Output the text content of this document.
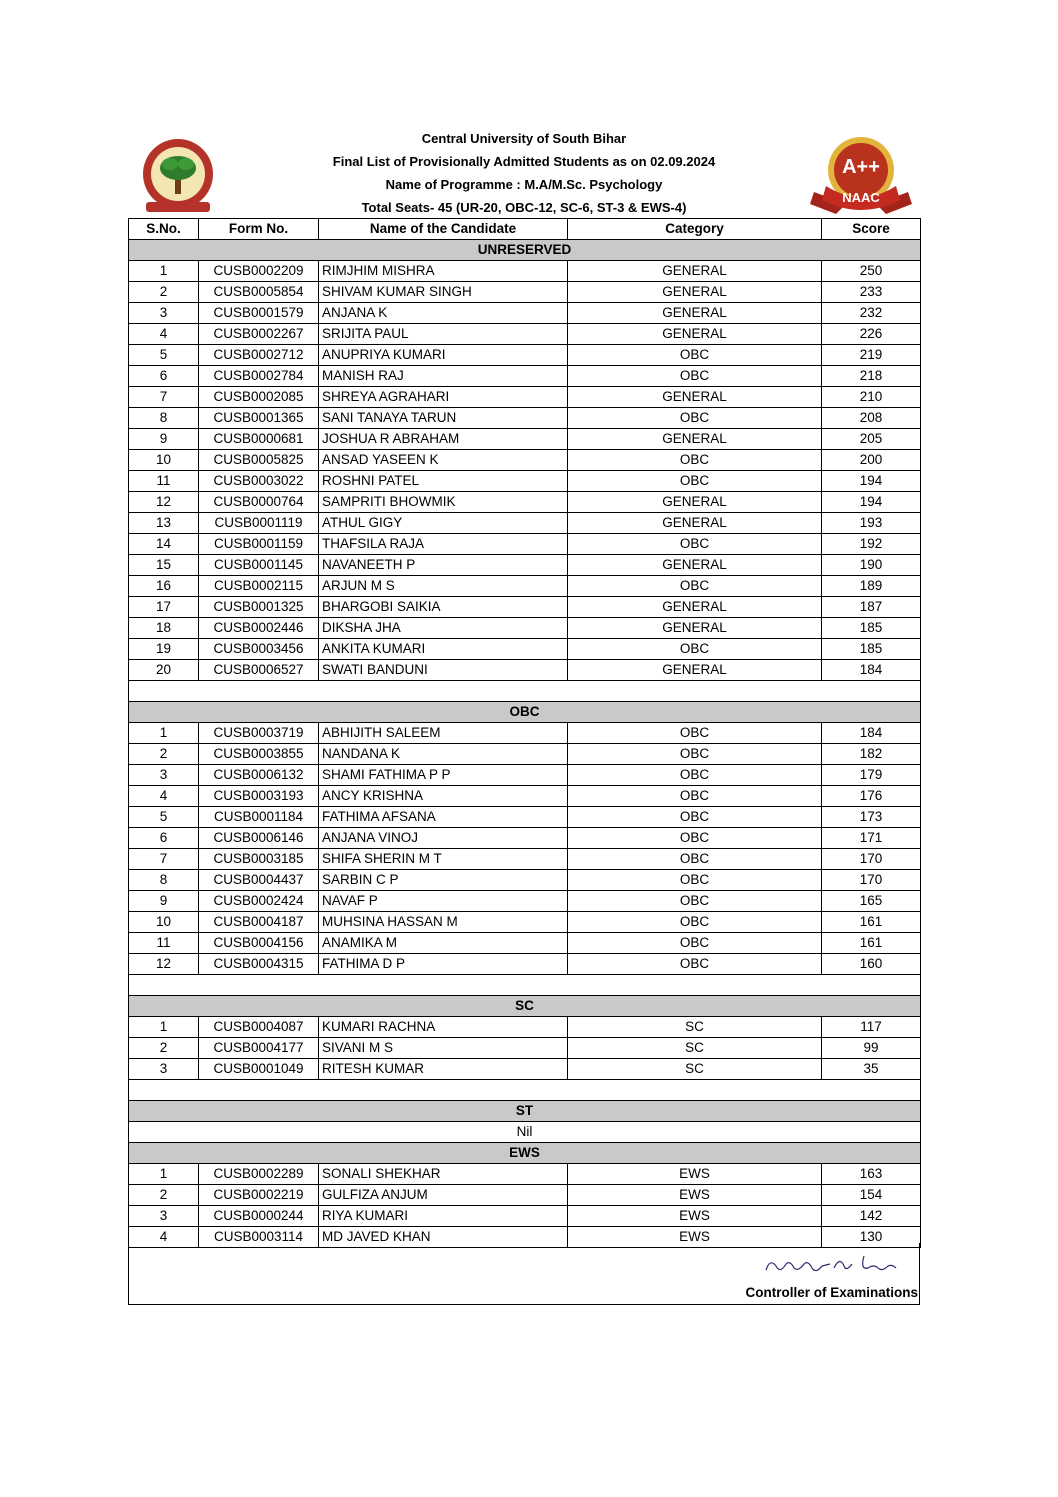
A++
NAAC
Central University of South Bihar
Final List of Provisionally Admitted Students as on 02.09.2024
Name of Programme : M.A/M.Sc. Psychology
Total Seats- 45 (UR-20, OBC-12, SC-6, ST-3 & EWS-4)
S.No.	Form No.	Name of the Candidate	Category	Score
UNRESERVED				
1	CUSB0002209	RIMJHIM MISHRA	GENERAL	250
2	CUSB0005854	SHIVAM KUMAR SINGH	GENERAL	233
3	CUSB0001579	ANJANA K	GENERAL	232
4	CUSB0002267	SRIJITA PAUL	GENERAL	226
5	CUSB0002712	ANUPRIYA KUMARI	OBC	219
6	CUSB0002784	MANISH RAJ	OBC	218
7	CUSB0002085	SHREYA AGRAHARI	GENERAL	210
8	CUSB0001365	SANI TANAYA TARUN	OBC	208
9	CUSB0000681	JOSHUA R ABRAHAM	GENERAL	205
10	CUSB0005825	ANSAD YASEEN K	OBC	200
11	CUSB0003022	ROSHNI PATEL	OBC	194
12	CUSB0000764	SAMPRITI BHOWMIK	GENERAL	194
13	CUSB0001119	ATHUL GIGY	GENERAL	193
14	CUSB0001159	THAFSILA RAJA	OBC	192
15	CUSB0001145	NAVANEETH P	GENERAL	190
16	CUSB0002115	ARJUN M S	OBC	189
17	CUSB0001325	BHARGOBI SAIKIA	GENERAL	187
18	CUSB0002446	DIKSHA JHA	GENERAL	185
19	CUSB0003456	ANKITA KUMARI	OBC	185
20	CUSB0006527	SWATI BANDUNI	GENERAL	184

OBC				
1	CUSB0003719	ABHIJITH SALEEM	OBC	184
2	CUSB0003855	NANDANA K	OBC	182
3	CUSB0006132	SHAMI FATHIMA P P	OBC	179
4	CUSB0003193	ANCY KRISHNA	OBC	176
5	CUSB0001184	FATHIMA AFSANA	OBC	173
6	CUSB0006146	ANJANA VINOJ	OBC	171
7	CUSB0003185	SHIFA SHERIN M T	OBC	170
8	CUSB0004437	SARBIN C P	OBC	170
9	CUSB0002424	NAVAF P	OBC	165
10	CUSB0004187	MUHSINA HASSAN M	OBC	161
11	CUSB0004156	ANAMIKA M	OBC	161
12	CUSB0004315	FATHIMA D P	OBC	160

SC				
1	CUSB0004087	KUMARI RACHNA	SC	117
2	CUSB0004177	SIVANI M S	SC	99
3	CUSB0001049	RITESH KUMAR	SC	35

ST				
Nil				
EWS				
1	CUSB0002289	SONALI SHEKHAR	EWS	163
2	CUSB0002219	GULFIZA ANJUM	EWS	154
3	CUSB0000244	RIYA KUMARI	EWS	142
4	CUSB0003114	MD JAVED KHAN	EWS	130
Controller of Examinations
